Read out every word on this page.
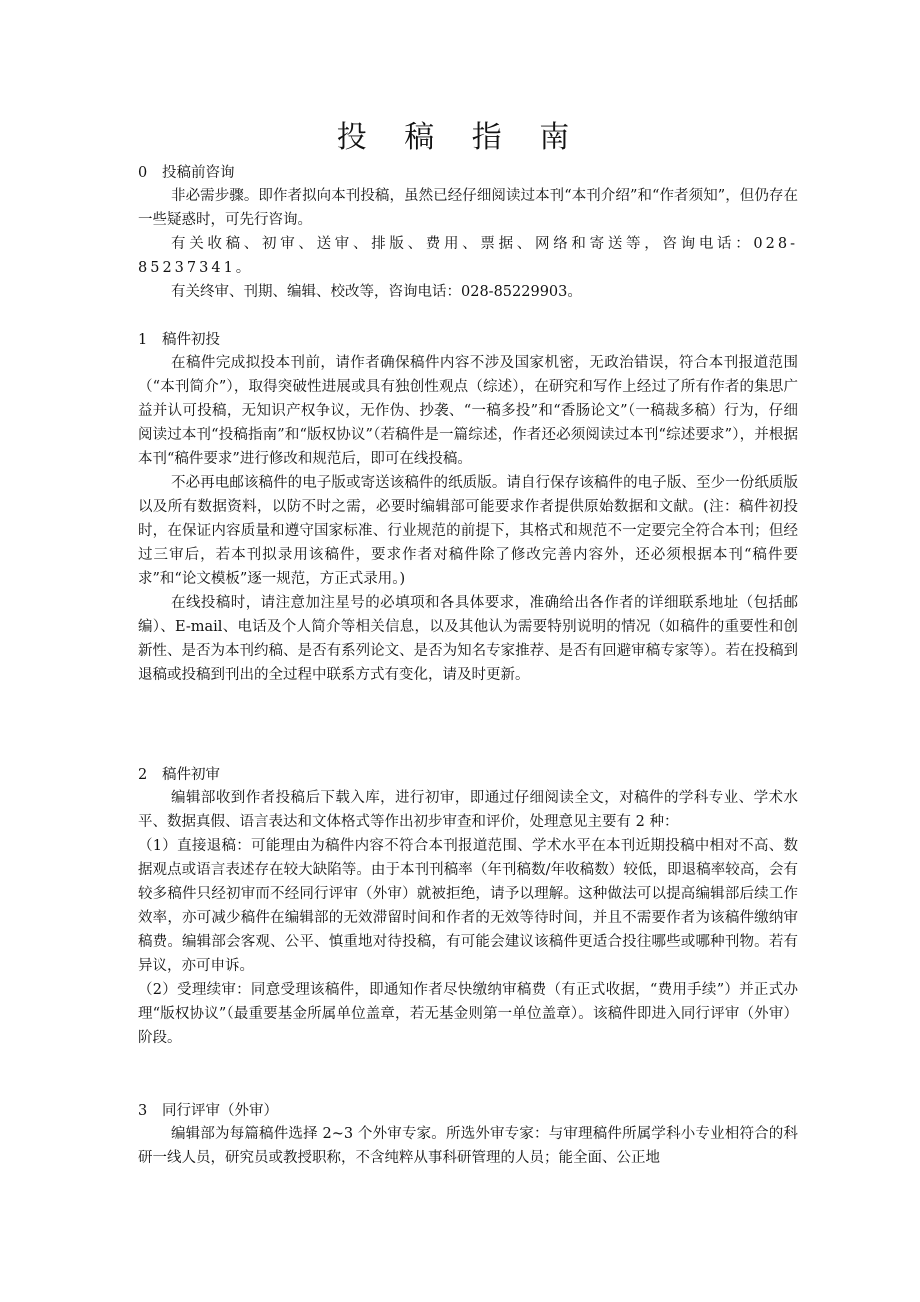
投 稿 指 南
0 投稿前咨询

非必需步骤。即作者拟向本刊投稿，虽然已经仔细阅读过本刊“本刊介绍”和“作者须知”，但仍存在一些疑惑时，可先行咨询。

有关收稿、初审、送审、排版、费用、票据、网络和寄送等，咨询电话：028-85237341。

有关终审、刊期、编辑、校改等，咨询电话：028-85229903。

1 稿件初投

在稿件完成拟投本刊前，请作者确保稿件内容不涉及国家机密，无政治错误，符合本刊报道范围（“本刊简介”），取得突破性进展或具有独创性观点（综述），在研究和写作上经过了所有作者的集思广益并认可投稿，无知识产权争议，无作伪、抄袭、“一稿多投”和“香肠论文”（一稿裁多稿）行为，仔细阅读过本刊“投稿指南”和“版权协议”（若稿件是一篇综述，作者还必须阅读过本刊“综述要求”），并根据本刊“稿件要求”进行修改和规范后，即可在线投稿。

不必再电邮该稿件的电子版或寄送该稿件的纸质版。请自行保存该稿件的电子版、至少一份纸质版以及所有数据资料，以防不时之需，必要时编辑部可能要求作者提供原始数据和文献。(注：稿件初投时，在保证内容质量和遵守国家标准、行业规范的前提下，其格式和规范不一定要完全符合本刊；但经过三审后，若本刊拟录用该稿件，要求作者对稿件除了修改完善内容外，还必须根据本刊“稿件要求”和“论文模板”逐一规范，方正式录用。)

在线投稿时，请注意加注星号的必填项和各具体要求，准确给出各作者的详细联系地址（包括邮编）、E-mail、电话及个人简介等相关信息，以及其他认为需要特别说明的情况（如稿件的重要性和创新性、是否为本刊约稿、是否有系列论文、是否为知名专家推荐、是否有回避审稿专家等）。若在投稿到退稿或投稿到刊出的全过程中联系方式有变化，请及时更新。

2 稿件初审

编辑部收到作者投稿后下载入库，进行初审，即通过仔细阅读全文，对稿件的学科专业、学术水平、数据真假、语言表达和文体格式等作出初步审查和评价，处理意见主要有 2 种：

（1）直接退稿：可能理由为稿件内容不符合本刊报道范围、学术水平在本刊近期投稿中相对不高、数据观点或语言表述存在较大缺陷等。由于本刊刊稿率（年刊稿数/年收稿数）较低，即退稿率较高，会有较多稿件只经初审而不经同行评审（外审）就被拒绝，请予以理解。这种做法可以提高编辑部后续工作效率，亦可减少稿件在编辑部的无效滞留时间和作者的无效等待时间，并且不需要作者为该稿件缴纳审稿费。编辑部会客观、公平、慎重地对待投稿，有可能会建议该稿件更适合投往哪些或哪种刊物。若有异议，亦可申诉。

（2）受理续审：同意受理该稿件，即通知作者尽快缴纳审稿费（有正式收据，“费用手续”）并正式办理“版权协议”（最重要基金所属单位盖章，若无基金则第一单位盖章）。该稿件即进入同行评审（外审）阶段。

3 同行评审（外审）

编辑部为每篇稿件选择 2~3 个外审专家。所选外审专家：与审理稿件所属学科小专业相符合的科研一线人员，研究员或教授职称，不含纯粹从事科研管理的人员；能全面、公正地
